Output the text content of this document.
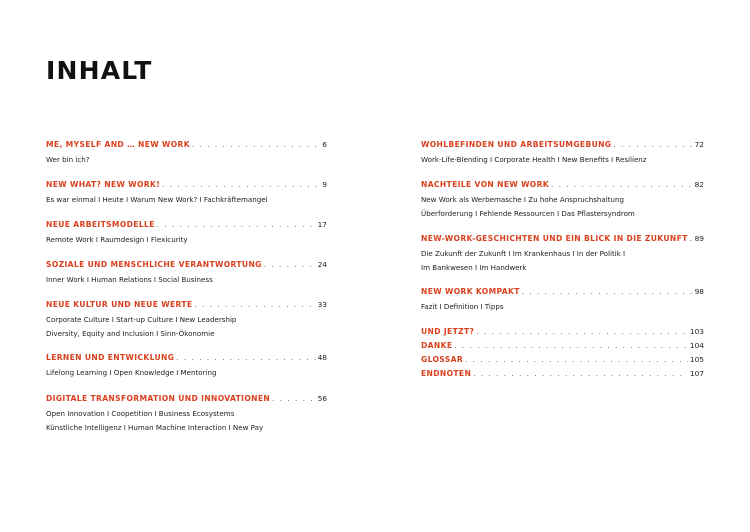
INHALT
ME, MYSELF AND … NEW WORK . . .	6
Wer bin ich?
NEW WHAT? NEW WORK! . . .	9
Es war einmal I Heute I Warum New Work? I Fachkräftemangel
NEUE ARBEITSMODELLE . . .	17
Remote Work I Raumdesign I Flexicurity
SOZIALE UND MENSCHLICHE VERANTWORTUNG . . .	24
Inner Work I Human Relations I Social Business
NEUE KULTUR UND NEUE WERTE . . .	33
Corporate Culture I Start-up Culture I New Leadership
Diversity, Equity and Inclusion I Sinn-Ökonomie
LERNEN UND ENTWICKLUNG . . .	48
Lifelong Learning I Open Knowledge I Mentoring
DIGITALE TRANSFORMATION UND INNOVATIONEN . . .	56
Open Innovation I Coopetition I Business Ecosystems
Künstliche Intelligenz I Human Machine Interaction I New Pay
WOHLBEFINDEN UND ARBEITSUMGEBUNG . . .	72
Work-Life-Blending I Corporate Health I New Benefits I Resilienz
NACHTEILE VON NEW WORK . . .	82
New Work als Werbemasche I Zu hohe Anspruchshaltung
Überforderung I Fehlende Ressourcen I Das Pflastersyndrom
NEW-WORK-GESCHICHTEN UND EIN BLICK IN DIE ZUKUNFT . . . 89
Die Zukunft der Zukunft I Im Krankenhaus I In der Politik I
Im Bankwesen I Im Handwerk
NEW WORK KOMPAKT . . .	98
Fazit I Definition I Tipps
UND JETZT? . . .	103
DANKE . . .	104
GLOSSAR . . .	105
ENDNOTEN . . .	107
